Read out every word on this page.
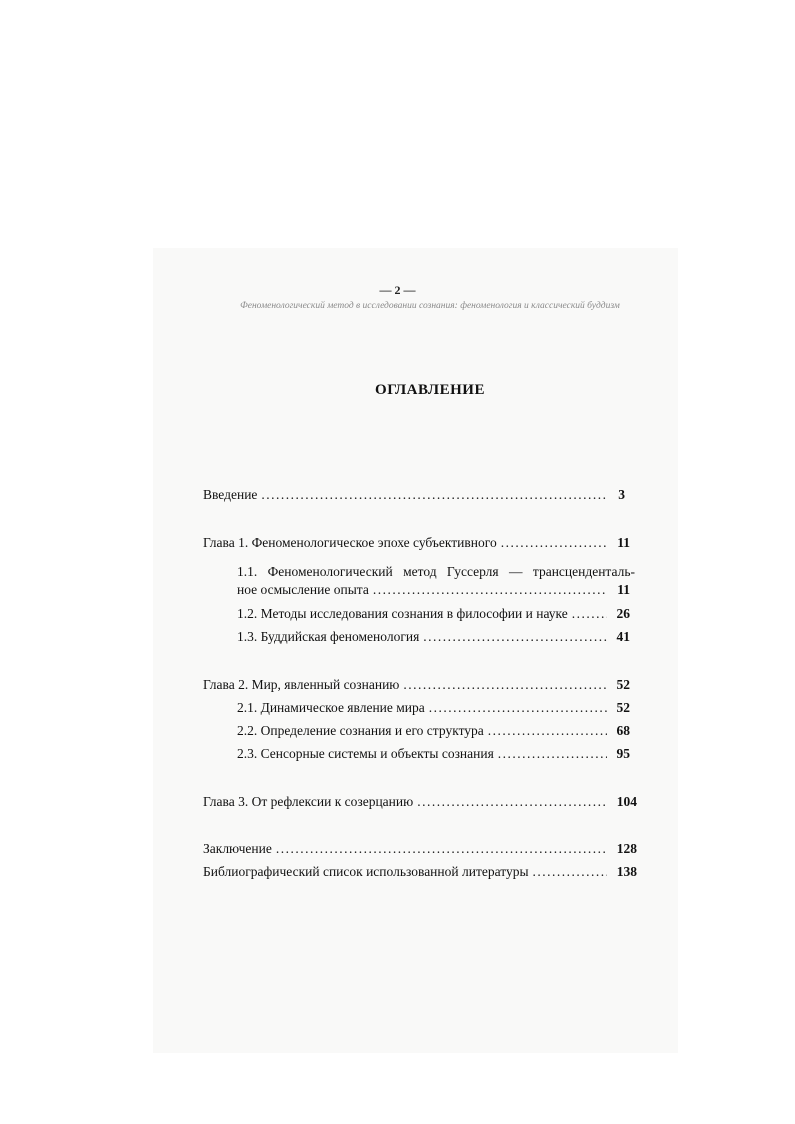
— 2 —
Феноменологический метод в исследовании сознания: феноменология и классический буддизм
ОГЛАВЛЕНИЕ
Введение .....	3
Глава 1. Феноменологическое эпохе субъективного .....	11
1.1. Феноменологический метод Гуссерля — трансценденталь-
ное осмысление опыта .....	11
1.2. Методы исследования сознания в философии и науке .....	26
1.3. Буддийская феноменология .....	41
Глава 2. Мир, явленный сознанию .....	52
2.1. Динамическое явление мира .....	52
2.2. Определение сознания и его структура .....	68
2.3. Сенсорные системы и объекты сознания .....	95
Глава 3. От рефлексии к созерцанию .....	104
Заключение .....	128
Библиографический список использованной литературы .....	138
